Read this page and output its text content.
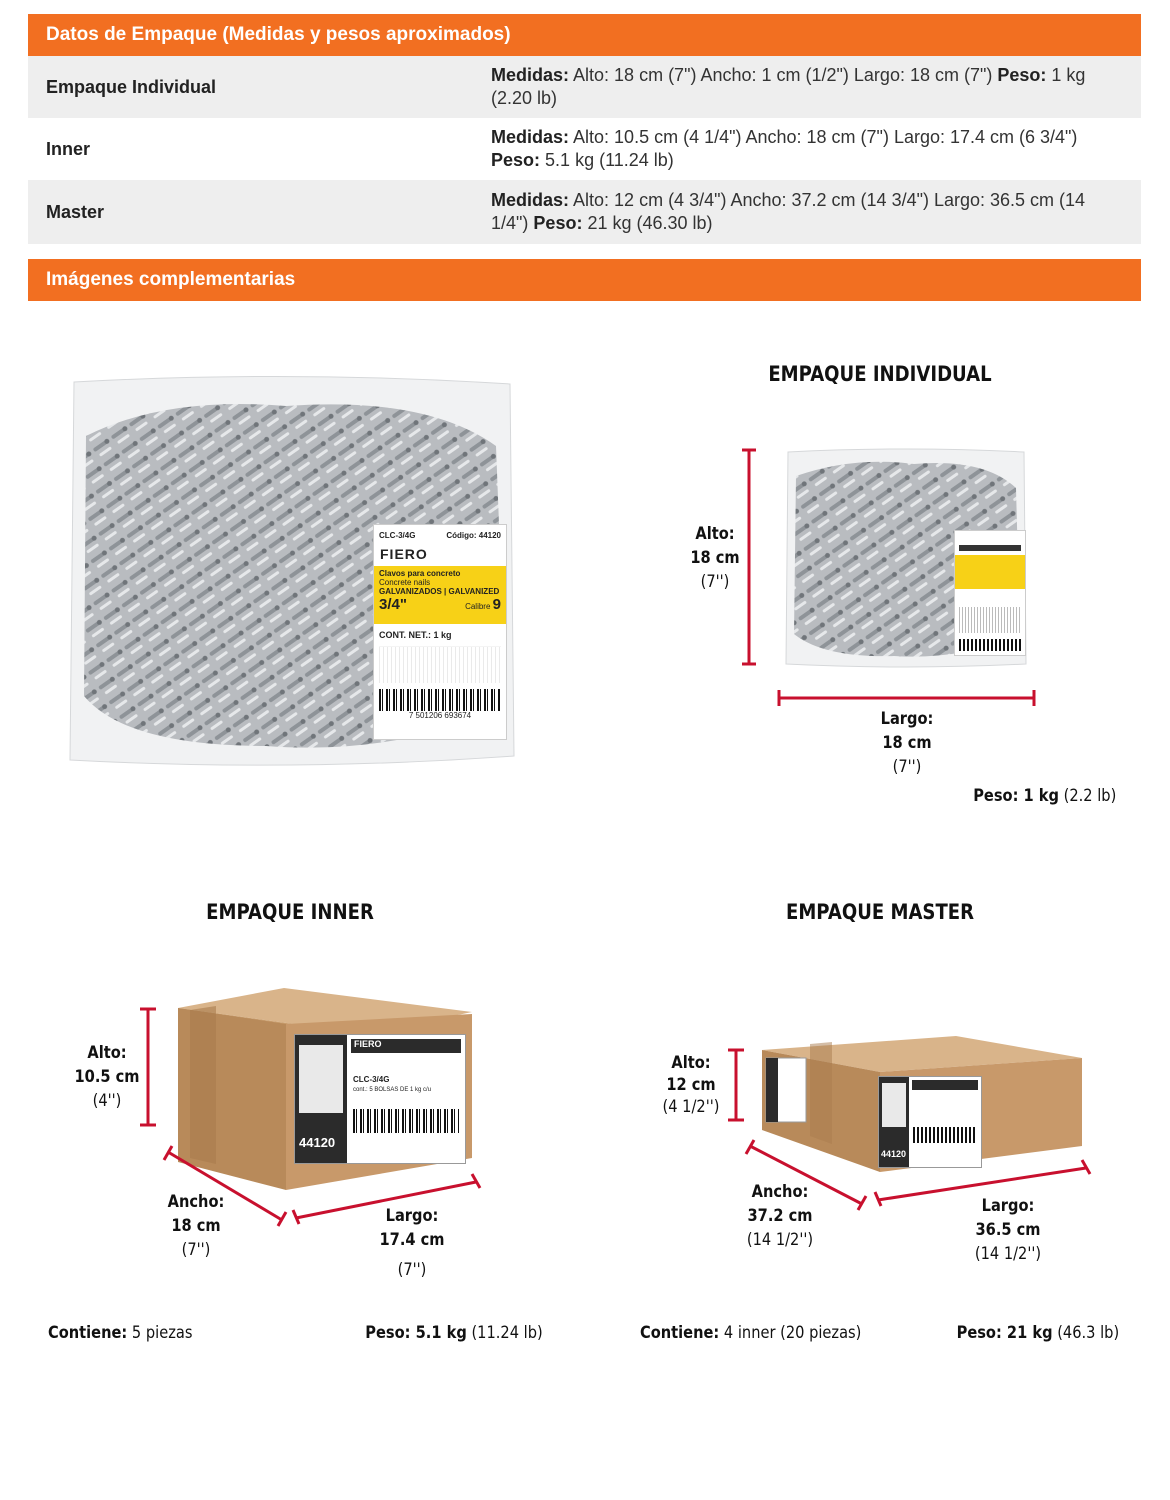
Datos de Empaque (Medidas y pesos aproximados)
Empaque Individual
Medidas: Alto: 18 cm (7") Ancho: 1 cm (1/2") Largo: 18 cm (7") Peso: 1 kg (2.20 lb)
Inner
Medidas: Alto: 10.5 cm (4 1/4") Ancho: 18 cm (7") Largo: 17.4 cm (6 3/4") Peso: 5.1 kg (11.24 lb)
Master
Medidas: Alto: 12 cm (4 3/4") Ancho: 37.2 cm (14 3/4") Largo: 36.5 cm (14 1/4") Peso: 21 kg (46.30 lb)
Imágenes complementarias
CLC-3/4G	Código: 44120
FIERO
Clavos para concreto
Concrete nails
GALVANIZADOS | GALVANIZED
3/4"	Calibre 9
CONT. NET.: 1 kg
7 501206 693674
EMPAQUE INDIVIDUAL
Alto:
18 cm
(7'')
Largo:
18 cm
(7'')
Peso: 1 kg (2.2 lb)
EMPAQUE INNER
Alto:
10.5 cm
(4'')
44120
FIERO
CLC-3/4G
cont.: 5 BOLSAS DE 1 kg c/u
Ancho:
18 cm
(7'')
Largo:
17.4 cm
(7'')
Contiene: 5 piezas	Peso: 5.1 kg (11.24 lb)
EMPAQUE MASTER
Alto:
12 cm
(4 1/2'')
44120
Ancho:
37.2 cm
(14 1/2'')
Largo:
36.5 cm
(14 1/2'')
Contiene: 4 inner (20 piezas)	Peso: 21 kg (46.3 lb)
